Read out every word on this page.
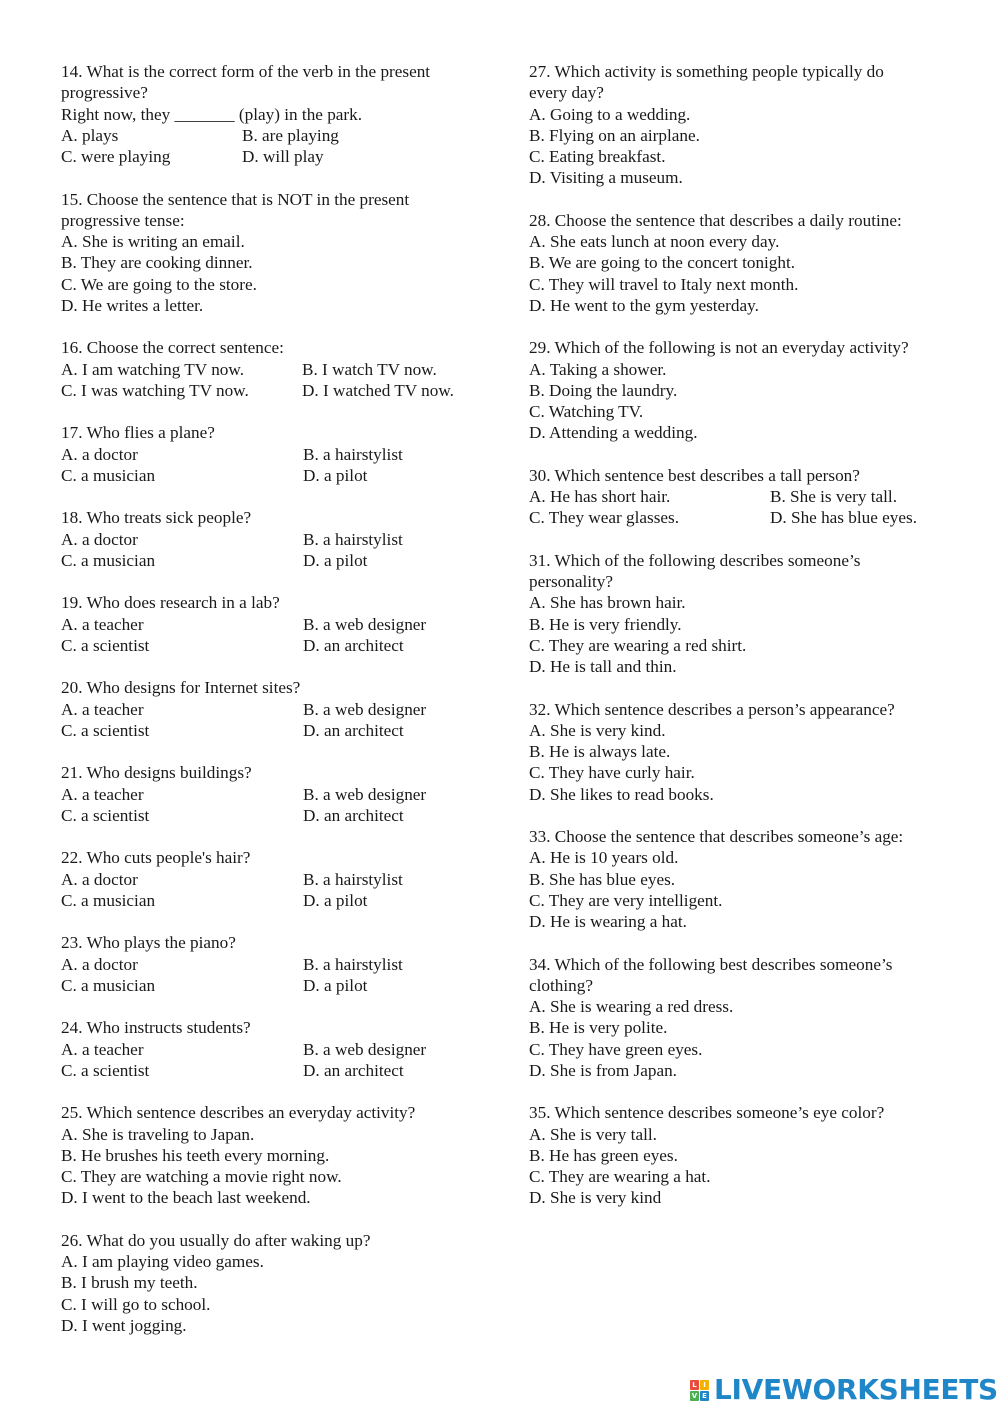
14. What is the correct form of the verb in the present

progressive?

Right now, they _______ (play) in the park.

A. plays	B. are playing
C. were playing	D. will play

15. Choose the sentence that is NOT in the present

progressive tense:

A. She is writing an email.

B. They are cooking dinner.

C. We are going to the store.

D. He writes a letter.

16. Choose the correct sentence:

A. I am watching TV now.	B. I watch TV now.
C. I was watching TV now.	D. I watched TV now.

17. Who flies a plane?

A. a doctor	B. a hairstylist
C. a musician	D. a pilot

18. Who treats sick people?

A. a doctor	B. a hairstylist
C. a musician	D. a pilot

19. Who does research in a lab?

A. a teacher	B. a web designer
C. a scientist	D. an architect

20. Who designs for Internet sites?

A. a teacher	B. a web designer
C. a scientist	D. an architect

21. Who designs buildings?

A. a teacher	B. a web designer
C. a scientist	D. an architect

22. Who cuts people's hair?

A. a doctor	B. a hairstylist
C. a musician	D. a pilot

23. Who plays the piano?

A. a doctor	B. a hairstylist
C. a musician	D. a pilot

24. Who instructs students?

A. a teacher	B. a web designer
C. a scientist	D. an architect

25. Which sentence describes an everyday activity?

A. She is traveling to Japan.

B. He brushes his teeth every morning.

C. They are watching a movie right now.

D. I went to the beach last weekend.

26. What do you usually do after waking up?

A. I am playing video games.

B. I brush my teeth.

C. I will go to school.

D. I went jogging.

27. Which activity is something people typically do

every day?

A. Going to a wedding.

B. Flying on an airplane.

C. Eating breakfast.

D. Visiting a museum.

28. Choose the sentence that describes a daily routine:

A. She eats lunch at noon every day.

B. We are going to the concert tonight.

C. They will travel to Italy next month.

D. He went to the gym yesterday.

29. Which of the following is not an everyday activity?

A. Taking a shower.

B. Doing the laundry.

C. Watching TV.

D. Attending a wedding.

30. Which sentence best describes a tall person?

A. He has short hair.	B. She is very tall.
C. They wear glasses.	D. She has blue eyes.

31. Which of the following describes someone’s

personality?

A. She has brown hair.

B. He is very friendly.

C. They are wearing a red shirt.

D. He is tall and thin.

32. Which sentence describes a person’s appearance?

A. She is very kind.

B. He is always late.

C. They have curly hair.

D. She likes to read books.

33. Choose the sentence that describes someone’s age:

A. He is 10 years old.

B. She has blue eyes.

C. They are very intelligent.

D. He is wearing a hat.

34. Which of the following best describes someone’s

clothing?

A. She is wearing a red dress.

B. He is very polite.

C. They have green eyes.

D. She is from Japan.

35. Which sentence describes someone’s eye color?

A. She is very tall.

B. He has green eyes.

C. They are wearing a hat.

D. She is very kind

L I
V E LIVEWORKSHEETS
